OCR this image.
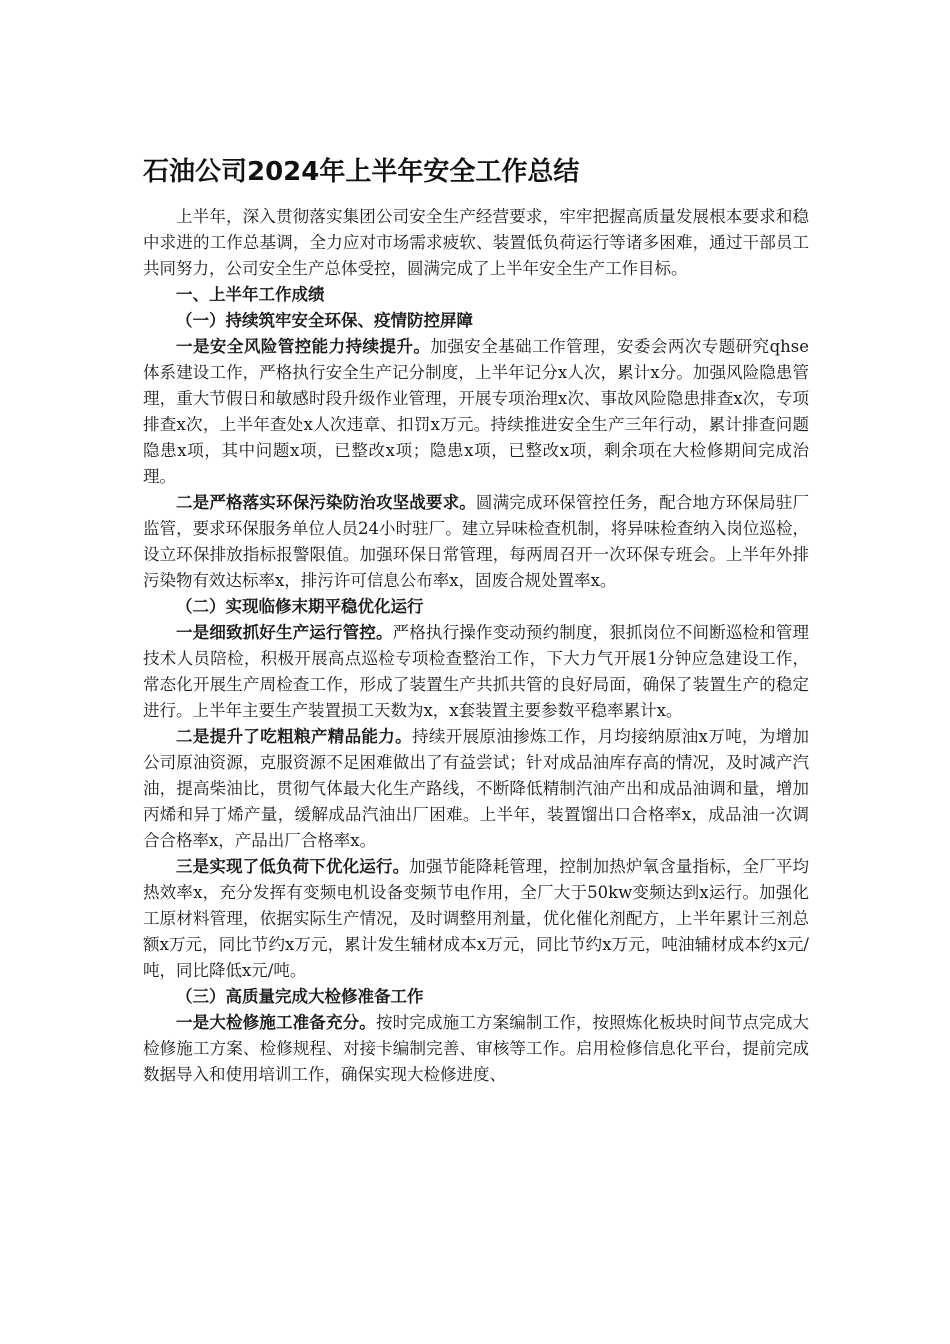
石油公司2024年上半年安全工作总结

上半年，深入贯彻落实集团公司安全生产经营要求，牢牢把握高质量发展根本要求和稳中求进的工作总基调，全力应对市场需求疲软、装置低负荷运行等诸多困难，通过干部员工共同努力，公司安全生产总体受控，圆满完成了上半年安全生产工作目标。

一、上半年工作成绩

（一）持续筑牢安全环保、疫情防控屏障

一是安全风险管控能力持续提升。加强安全基础工作管理，安委会两次专题研究qhse体系建设工作，严格执行安全生产记分制度，上半年记分x人次，累计x分。加强风险隐患管理，重大节假日和敏感时段升级作业管理，开展专项治理x次、事故风险隐患排查x次，专项排查x次，上半年查处x人次违章、扣罚x万元。持续推进安全生产三年行动，累计排查问题隐患x项，其中问题x项，已整改x项；隐患x项，已整改x项，剩余项在大检修期间完成治理。

二是严格落实环保污染防治攻坚战要求。圆满完成环保管控任务，配合地方环保局驻厂监管，要求环保服务单位人员24小时驻厂。建立异味检查机制，将异味检查纳入岗位巡检，设立环保排放指标报警限值。加强环保日常管理，每两周召开一次环保专班会。上半年外排污染物有效达标率x，排污许可信息公布率x，固废合规处置率x。

（二）实现临修末期平稳优化运行

一是细致抓好生产运行管控。严格执行操作变动预约制度，狠抓岗位不间断巡检和管理技术人员陪检，积极开展高点巡检专项检查整治工作，下大力气开展1分钟应急建设工作，常态化开展生产周检查工作，形成了装置生产共抓共管的良好局面，确保了装置生产的稳定进行。上半年主要生产装置损工天数为x，x套装置主要参数平稳率累计x。

二是提升了吃粗粮产精品能力。持续开展原油掺炼工作，月均接纳原油x万吨，为增加公司原油资源，克服资源不足困难做出了有益尝试；针对成品油库存高的情况，及时减产汽油，提高柴油比，贯彻气体最大化生产路线，不断降低精制汽油产出和成品油调和量，增加丙烯和异丁烯产量，缓解成品汽油出厂困难。上半年，装置馏出口合格率x，成品油一次调合合格率x，产品出厂合格率x。

三是实现了低负荷下优化运行。加强节能降耗管理，控制加热炉氧含量指标，全厂平均热效率x，充分发挥有变频电机设备变频节电作用，全厂大于50kw变频达到x运行。加强化工原材料管理，依据实际生产情况，及时调整用剂量，优化催化剂配方，上半年累计三剂总额x万元，同比节约x万元，累计发生辅材成本x万元，同比节约x万元，吨油辅材成本约x元/吨，同比降低x元/吨。

（三）高质量完成大检修准备工作

一是大检修施工准备充分。按时完成施工方案编制工作，按照炼化板块时间节点完成大检修施工方案、检修规程、对接卡编制完善、审核等工作。启用检修信息化平台，提前完成数据导入和使用培训工作，确保实现大检修进度、
